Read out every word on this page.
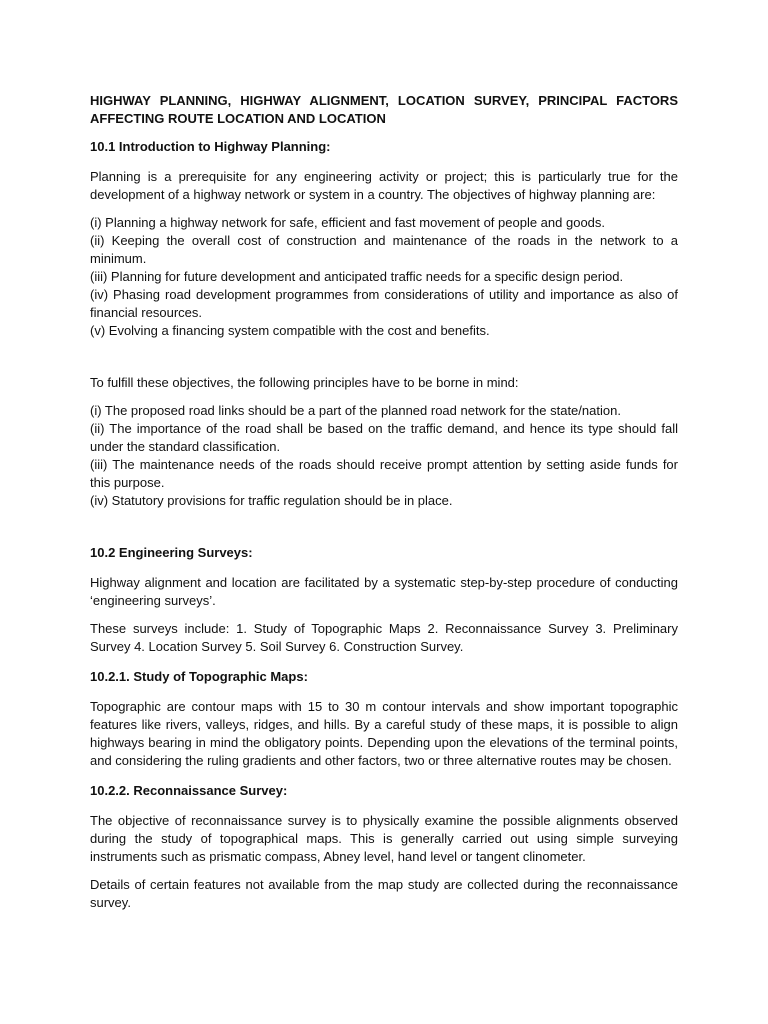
HIGHWAY PLANNING, HIGHWAY ALIGNMENT, LOCATION SURVEY, PRINCIPAL FACTORS AFFECTING ROUTE LOCATION AND LOCATION
10.1 Introduction to Highway Planning:

Planning is a prerequisite for any engineering activity or project; this is particularly true for the development of a highway network or system in a country. The objectives of highway planning are:

(i) Planning a highway network for safe, efficient and fast movement of people and goods.
(ii) Keeping the overall cost of construction and maintenance of the roads in the network to a minimum.
(iii) Planning for future development and anticipated traffic needs for a specific design period.
(iv) Phasing road development programmes from considerations of utility and importance as also of financial resources.
(v) Evolving a financing system compatible with the cost and benefits.

To fulfill these objectives, the following principles have to be borne in mind:

(i) The proposed road links should be a part of the planned road network for the state/nation.
(ii) The importance of the road shall be based on the traffic demand, and hence its type should fall under the standard classification.
(iii) The maintenance needs of the roads should receive prompt attention by setting aside funds for this purpose.
(iv) Statutory provisions for traffic regulation should be in place.
10.2 Engineering Surveys:

Highway alignment and location are facilitated by a systematic step-by-step procedure of conducting ‘engineering surveys’.

These surveys include: 1. Study of Topographic Maps 2. Reconnaissance Survey 3. Preliminary Survey 4. Location Survey 5. Soil Survey 6. Construction Survey.

10.2.1. Study of Topographic Maps:

Topographic are contour maps with 15 to 30 m contour intervals and show important topographic features like rivers, valleys, ridges, and hills. By a careful study of these maps, it is possible to align highways bearing in mind the obligatory points. Depending upon the elevations of the terminal points, and considering the ruling gradients and other factors, two or three alternative routes may be chosen.

10.2.2. Reconnaissance Survey:

The objective of reconnaissance survey is to physically examine the possible alignments observed during the study of topographical maps. This is generally carried out using simple surveying instruments such as prismatic compass, Abney level, hand level or tangent clinometer.

Details of certain features not available from the map study are collected during the reconnaissance survey.
